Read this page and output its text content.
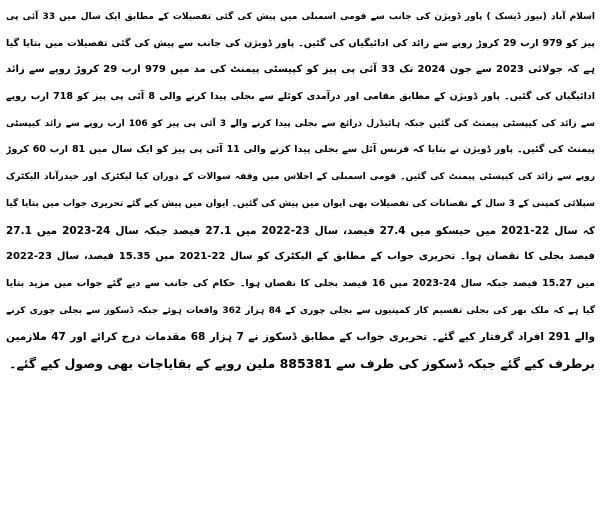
اسلام آباد (نیوز ڈیسک ) پاور ڈویژن کی جانب سے قومی اسمبلی میں پیش کی گئی تفصیلات کے مطابق ایک سال میں 33 آئی پی
پیز کو 979 ارب 29 کروڑ روپے سے زائد کی ادائیگیاں کی گئیں۔ پاور ڈویژن کی جانب سے پیش کی گئی تفصیلات میں بتایا گیا
ہے کہ جولائی 2023 سے جون 2024 تک 33 آئی پی پیز کو کپیسٹی پیمنٹ کی مد میں 979 ارب 29 کروڑ روپے سے زائد
ادائیگیاں کی گئیں۔ پاور ڈویژن کے مطابق مقامی اور درآمدی کوئلے سے بجلی پیدا کرنے والی 8 آئی پی پیز کو 718 ارب روپے
سے زائد کی کیپسٹی پیمنٹ کی گئیں جبکہ ہائیڈرل ذرائع سے بجلی پیدا کرنے والے 3 آئی پی پیز کو 106 ارب روپے سے زائد کیپسٹی
پیمنٹ کی گئیں۔ پاور ڈویژن نے بتایا کہ فرنس آئل سے بجلی پیدا کرنے والی 11 آئی پی پیز کو ایک سال میں 81 ارب 60 کروڑ
روپے سے زائد کی کیپسٹی پیمنٹ کی گئیں۔ قومی اسمبلی کے اجلاس میں وقفہ سوالات کے دوران کیا لیکٹرک اور حیدرآباد الیکٹرک
سپلائی کمپنی کے 3 سال کے نقصانات کی تفصیلات بھی ایوان میں پیش کی گئیں۔ ایوان میں پیش کیے گئے تحریری جواب میں بتایا گیا
کہ سال 22-2021 میں حیسکو میں 27.4 فیصد، سال 23-2022 میں 27.1 فیصد جبکہ سال 24-2023 میں 27.1
فیصد بجلی کا نقصان ہوا۔ تحریری جواب کے مطابق کے الیکٹرک کو سال 22-2021 میں 15.35 فیصد، سال 23-2022
میں 15.27 فیصد جبکہ سال 24-2023 میں 16 فیصد بجلی کا نقصان ہوا۔ حکام کی جانب سے دیے گئے جواب میں مزید بتایا
گیا ہے کہ ملک بھر کی بجلی تقسیم کار کمپنیوں سے بجلی چوری کے 84 ہزار 362 واقعات ہوئے جبکہ ڈسکوز سے بجلی چوری کرنے
والے 291 افراد گرفتار کیے گئے۔ تحریری جواب کے مطابق ڈسکوز نے 7 ہزار 68 مقدمات درج کرائے اور 47 ملازمین
برطرف کیے گئے جبکہ ڈسکوز کی طرف سے 885381 ملین روپے کے بقایاجات بھی وصول کیے گئے۔
